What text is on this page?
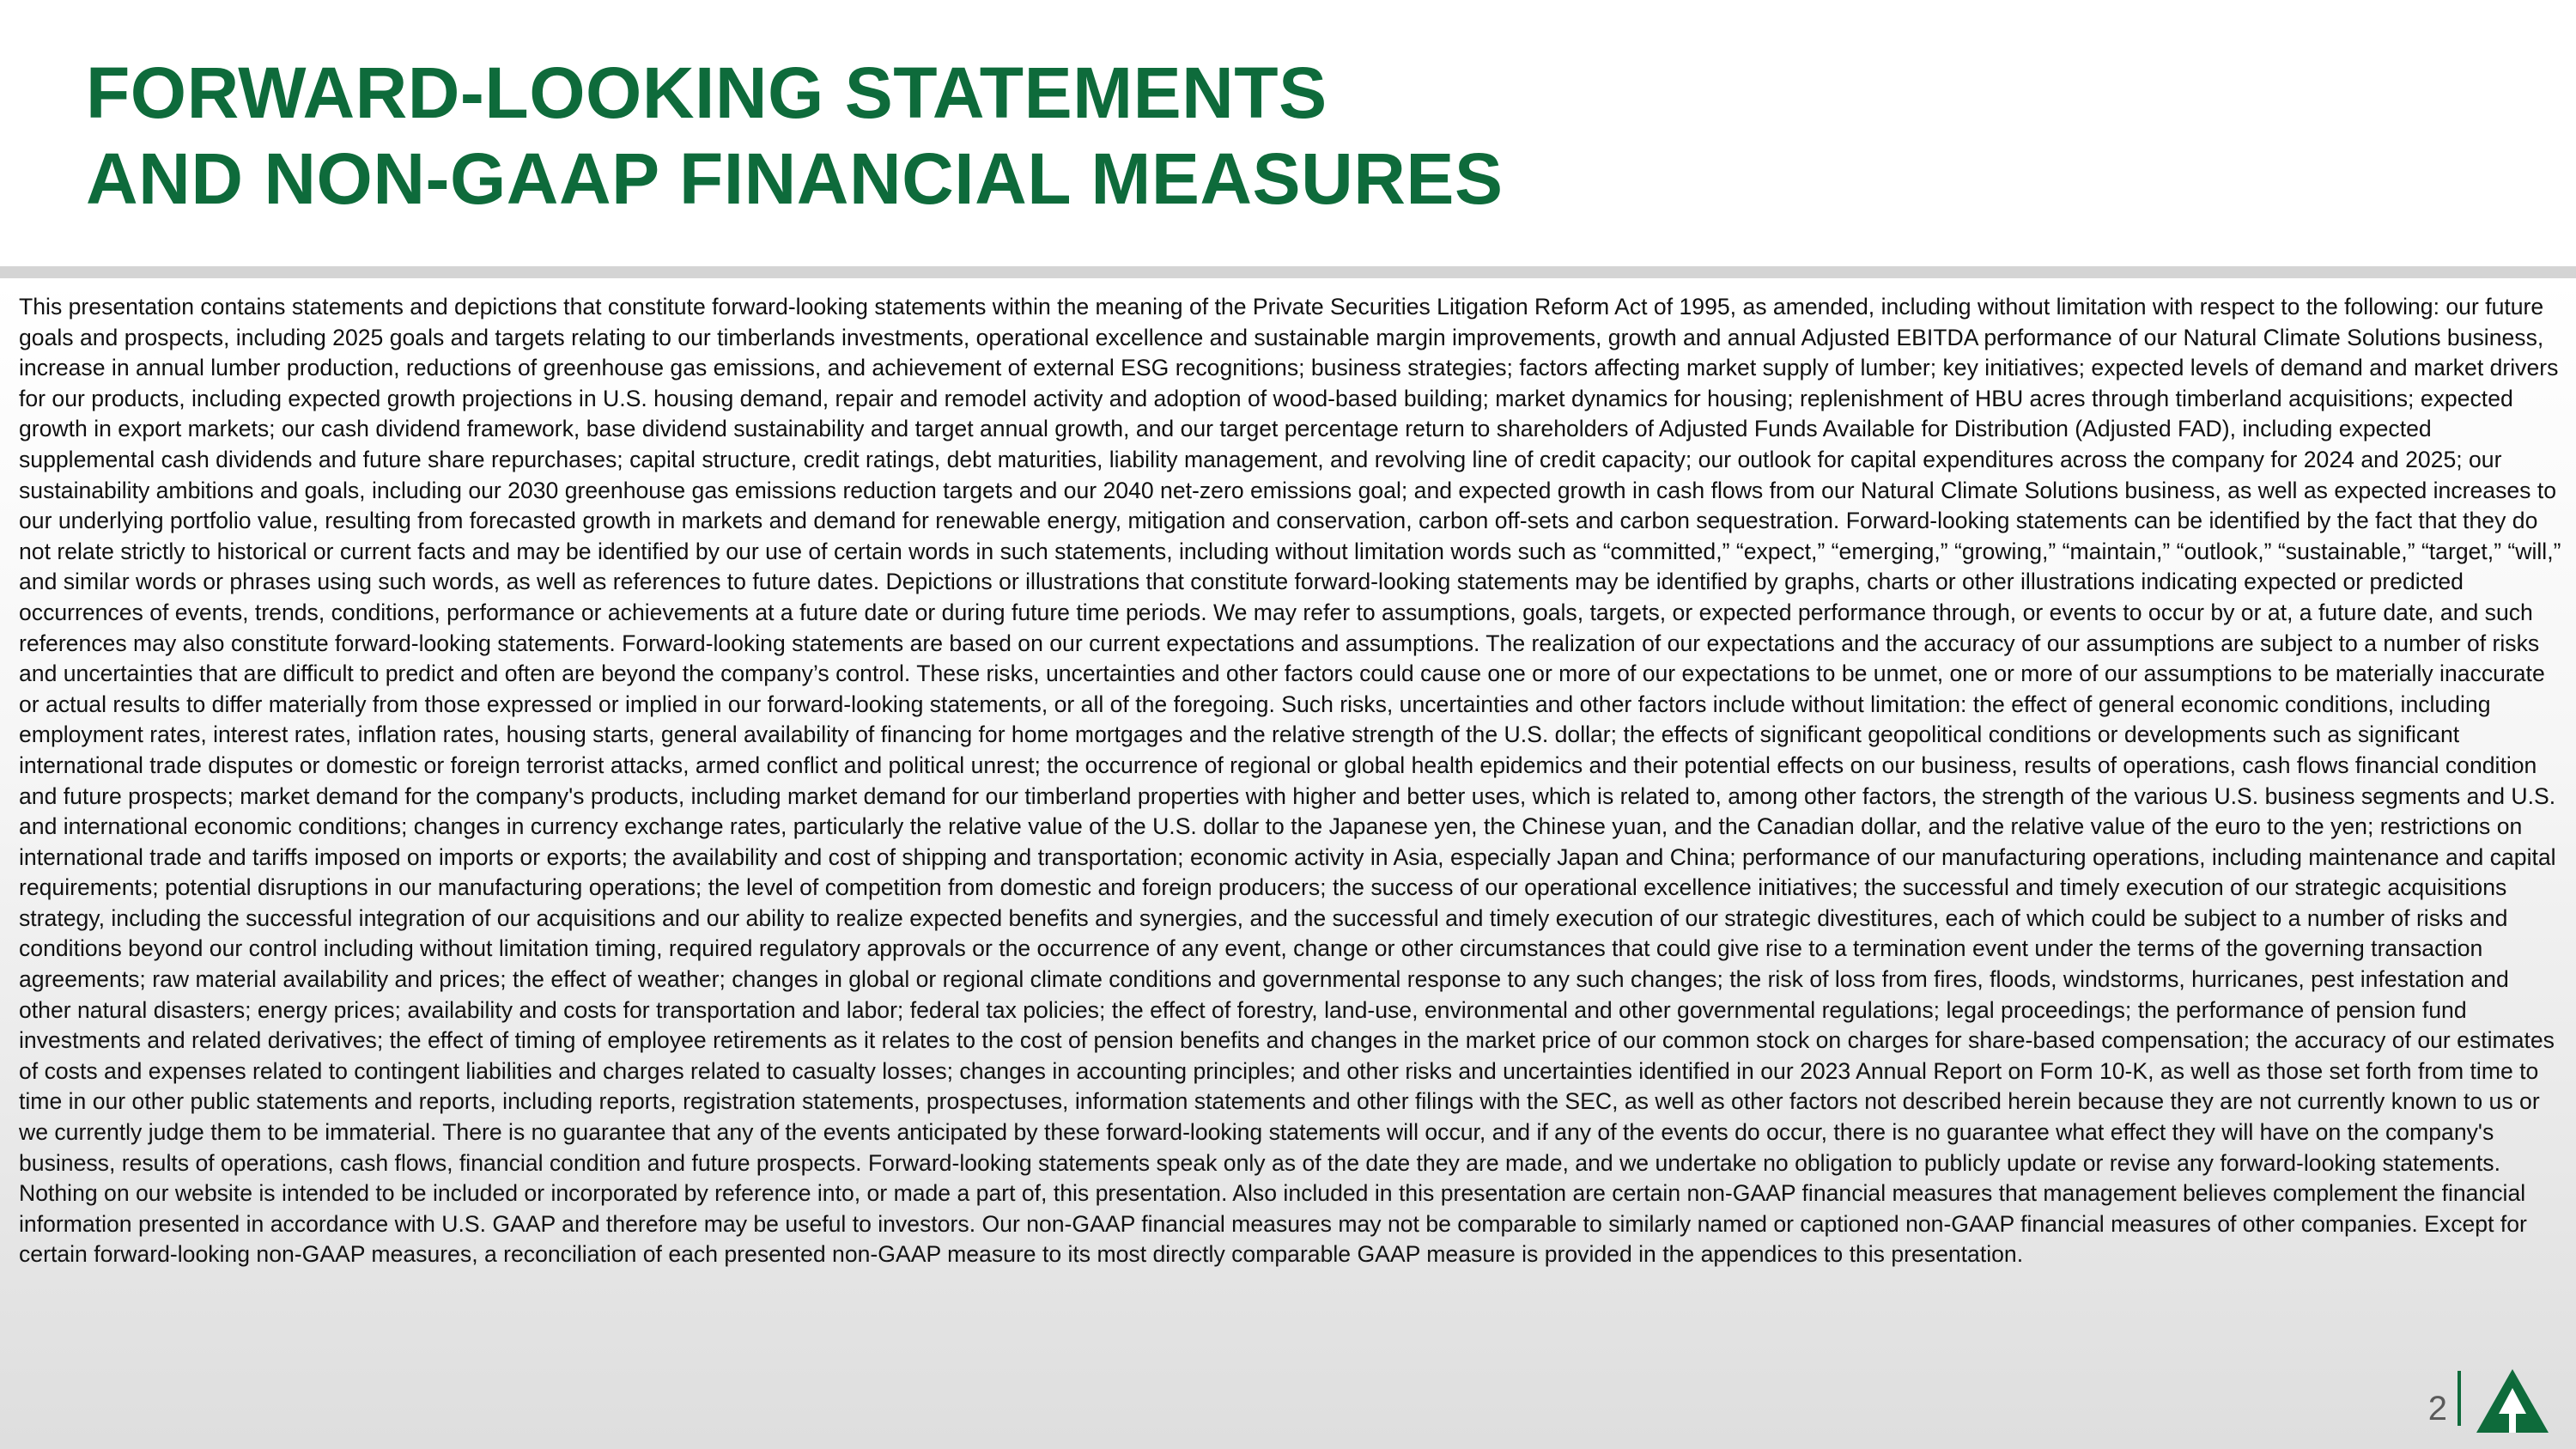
FORWARD-LOOKING STATEMENTS
AND NON-GAAP FINANCIAL MEASURES

This presentation contains statements and depictions that constitute forward-looking statements within the meaning of the Private Securities Litigation Reform Act of 1995, as amended, including without limitation with respect to the following: our future goals and prospects, including 2025 goals and targets relating to our timberlands investments, operational excellence and sustainable margin improvements, growth and annual Adjusted EBITDA performance of our Natural Climate Solutions business, increase in annual lumber production, reductions of greenhouse gas emissions, and achievement of external ESG recognitions; business strategies; factors affecting market supply of lumber; key initiatives; expected levels of demand and market drivers for our products, including expected growth projections in U.S. housing demand, repair and remodel activity and adoption of wood-based building; market dynamics for housing; replenishment of HBU acres through timberland acquisitions; expected growth in export markets; our cash dividend framework, base dividend sustainability and target annual growth, and our target percentage return to shareholders of Adjusted Funds Available for Distribution (Adjusted FAD), including expected supplemental cash dividends and future share repurchases; capital structure, credit ratings, debt maturities, liability management, and revolving line of credit capacity; our outlook for capital expenditures across the company for 2024 and 2025; our sustainability ambitions and goals, including our 2030 greenhouse gas emissions reduction targets and our 2040 net-zero emissions goal; and expected growth in cash flows from our Natural Climate Solutions business, as well as expected increases to our underlying portfolio value, resulting from forecasted growth in markets and demand for renewable energy, mitigation and conservation, carbon off-sets and carbon sequestration. Forward-looking statements can be identified by the fact that they do not relate strictly to historical or current facts and may be identified by our use of certain words in such statements, including without limitation words such as “committed,” “expect,” “emerging,” “growing,” “maintain,” “outlook,” “sustainable,” “target,” “will,” and similar words or phrases using such words, as well as references to future dates. Depictions or illustrations that constitute forward-looking statements may be identified by graphs, charts or other illustrations indicating expected or predicted occurrences of events, trends, conditions, performance or achievements at a future date or during future time periods. We may refer to assumptions, goals, targets, or expected performance through, or events to occur by or at, a future date, and such references may also constitute forward-looking statements. Forward-looking statements are based on our current expectations and assumptions. The realization of our expectations and the accuracy of our assumptions are subject to a number of risks and uncertainties that are difficult to predict and often are beyond the company’s control. These risks, uncertainties and other factors could cause one or more of our expectations to be unmet, one or more of our assumptions to be materially inaccurate or actual results to differ materially from those expressed or implied in our forward-looking statements, or all of the foregoing. Such risks, uncertainties and other factors include without limitation: the effect of general economic conditions, including employment rates, interest rates, inflation rates, housing starts, general availability of financing for home mortgages and the relative strength of the U.S. dollar; the effects of significant geopolitical conditions or developments such as significant international trade disputes or domestic or foreign terrorist attacks, armed conflict and political unrest; the occurrence of regional or global health epidemics and their potential effects on our business, results of operations, cash flows financial condition and future prospects; market demand for the company's products, including market demand for our timberland properties with higher and better uses, which is related to, among other factors, the strength of the various U.S. business segments and U.S. and international economic conditions; changes in currency exchange rates, particularly the relative value of the U.S. dollar to the Japanese yen, the Chinese yuan, and the Canadian dollar, and the relative value of the euro to the yen; restrictions on international trade and tariffs imposed on imports or exports; the availability and cost of shipping and transportation; economic activity in Asia, especially Japan and China; performance of our manufacturing operations, including maintenance and capital requirements; potential disruptions in our manufacturing operations; the level of competition from domestic and foreign producers; the success of our operational excellence initiatives; the successful and timely execution of our strategic acquisitions strategy, including the successful integration of our acquisitions and our ability to realize expected benefits and synergies, and the successful and timely execution of our strategic divestitures, each of which could be subject to a number of risks and conditions beyond our control including without limitation timing, required regulatory approvals or the occurrence of any event, change or other circumstances that could give rise to a termination event under the terms of the governing transaction agreements; raw material availability and prices; the effect of weather; changes in global or regional climate conditions and governmental response to any such changes; the risk of loss from fires, floods, windstorms, hurricanes, pest infestation and other natural disasters; energy prices; availability and costs for transportation and labor; federal tax policies; the effect of forestry, land-use, environmental and other governmental regulations; legal proceedings; the performance of pension fund investments and related derivatives; the effect of timing of employee retirements as it relates to the cost of pension benefits and changes in the market price of our common stock on charges for share-based compensation; the accuracy of our estimates of costs and expenses related to contingent liabilities and charges related to casualty losses; changes in accounting principles; and other risks and uncertainties identified in our 2023 Annual Report on Form 10-K, as well as those set forth from time to time in our other public statements and reports, including reports, registration statements, prospectuses, information statements and other filings with the SEC, as well as other factors not described herein because they are not currently known to us or we currently judge them to be immaterial. There is no guarantee that any of the events anticipated by these forward-looking statements will occur, and if any of the events do occur, there is no guarantee what effect they will have on the company's business, results of operations, cash flows, financial condition and future prospects. Forward-looking statements speak only as of the date they are made, and we undertake no obligation to publicly update or revise any forward-looking statements. Nothing on our website is intended to be included or incorporated by reference into, or made a part of, this presentation. Also included in this presentation are certain non-GAAP financial measures that management believes complement the financial information presented in accordance with U.S. GAAP and therefore may be useful to investors. Our non-GAAP financial measures may not be comparable to similarly named or captioned non-GAAP financial measures of other companies. Except for certain forward-looking non-GAAP measures, a reconciliation of each presented non-GAAP measure to its most directly comparable GAAP measure is provided in the appendices to this presentation.

2
